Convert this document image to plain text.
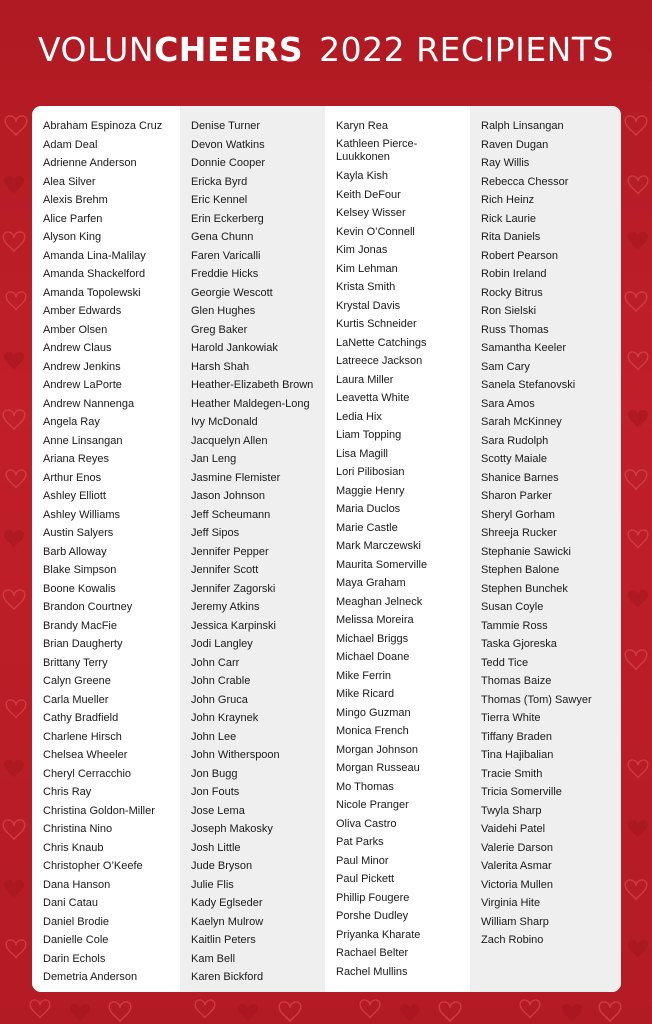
VOLUNCHEERS 2022 RECIPIENTS
Abraham Espinoza Cruz
Adam Deal
Adrienne Anderson
Alea Silver
Alexis Brehm
Alice Parfen
Alyson King
Amanda Lina-Malilay
Amanda Shackelford
Amanda Topolewski
Amber Edwards
Amber Olsen
Andrew Claus
Andrew Jenkins
Andrew LaPorte
Andrew Nannenga
Angela Ray
Anne Linsangan
Ariana Reyes
Arthur Enos
Ashley Elliott
Ashley Williams
Austin Salyers
Barb Alloway
Blake Simpson
Boone Kowalis
Brandon Courtney
Brandy MacFie
Brian Daugherty
Brittany Terry
Calyn Greene
Carla Mueller
Cathy Bradfield
Charlene Hirsch
Chelsea Wheeler
Cheryl Cerracchio
Chris Ray
Christina Goldon-Miller
Christina Nino
Chris Knaub
Christopher O’Keefe
Dana Hanson
Dani Catau
Daniel Brodie
Danielle Cole
Darin Echols
Demetria Anderson
Denise Turner
Devon Watkins
Donnie Cooper
Ericka Byrd
Eric Kennel
Erin Eckerberg
Gena Chunn
Faren Varicalli
Freddie Hicks
Georgie Wescott
Glen Hughes
Greg Baker
Harold Jankowiak
Harsh Shah
Heather-Elizabeth Brown
Heather Maldegen-Long
Ivy McDonald
Jacquelyn Allen
Jan Leng
Jasmine Flemister
Jason Johnson
Jeff Scheumann
Jeff Sipos
Jennifer Pepper
Jennifer Scott
Jennifer Zagorski
Jeremy Atkins
Jessica Karpinski
Jodi Langley
John Carr
John Crable
John Gruca
John Kraynek
John Lee
John Witherspoon
Jon Bugg
Jon Fouts
Jose Lema
Joseph Makosky
Josh Little
Jude Bryson
Julie Flis
Kady Eglseder
Kaelyn Mulrow
Kaitlin Peters
Kam Bell
Karen Bickford
Karyn Rea
Kathleen Pierce-Luukkonen
Kayla Kish
Keith DeFour
Kelsey Wisser
Kevin O’Connell
Kim Jonas
Kim Lehman
Krista Smith
Krystal Davis
Kurtis Schneider
LaNette Catchings
Latreece Jackson
Laura Miller
Leavetta White
Ledia Hix
Liam Topping
Lisa Magill
Lori Pilibosian
Maggie Henry
Maria Duclos
Marie Castle
Mark Marczewski
Maurita Somerville
Maya Graham
Meaghan Jelneck
Melissa Moreira
Michael Briggs
Michael Doane
Mike Ferrin
Mike Ricard
Mingo Guzman
Monica French
Morgan Johnson
Morgan Russeau
Mo Thomas
Nicole Pranger
Oliva Castro
Pat Parks
Paul Minor
Paul Pickett
Phillip Fougere
Porshe Dudley
Priyanka Kharate
Rachael Belter
Rachel Mullins
Ralph Linsangan
Raven Dugan
Ray Willis
Rebecca Chessor
Rich Heinz
Rick Laurie
Rita Daniels
Robert Pearson
Robin Ireland
Rocky Bitrus
Ron Sielski
Russ Thomas
Samantha Keeler
Sam Cary
Sanela Stefanovski
Sara Amos
Sarah McKinney
Sara Rudolph
Scotty Maiale
Shanice Barnes
Sharon Parker
Sheryl Gorham
Shreeja Rucker
Stephanie Sawicki
Stephen Balone
Stephen Bunchek
Susan Coyle
Tammie Ross
Taska Gjoreska
Tedd Tice
Thomas Baize
Thomas (Tom) Sawyer
Tierra White
Tiffany Braden
Tina Hajibalian
Tracie Smith
Tricia Somerville
Twyla Sharp
Vaidehi Patel
Valerie Darson
Valerita Asmar
Victoria Mullen
Virginia Hite
William Sharp
Zach Robino
